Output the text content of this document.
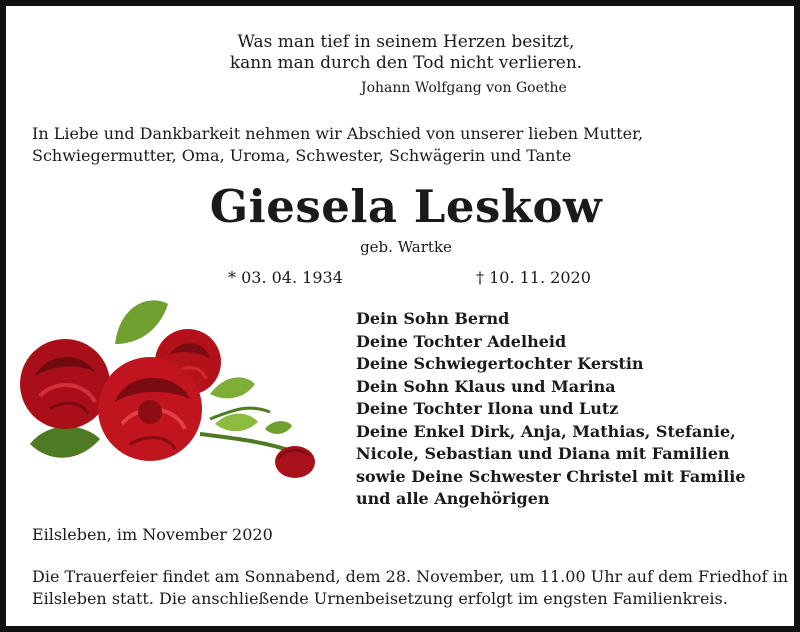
Was man tief in seinem Herzen besitzt,
kann man durch den Tod nicht verlieren.
Johann Wolfgang von Goethe
In Liebe und Dankbarkeit nehmen wir Abschied von unserer lieben Mutter, Schwiegermutter, Oma, Uroma, Schwester, Schwägerin und Tante
Giesela Leskow
geb. Wartke
* 03. 04. 1934	† 10. 11. 2020
Dein Sohn Bernd
Deine Tochter Adelheid
Deine Schwiegertochter Kerstin
Dein Sohn Klaus und Marina
Deine Tochter Ilona und Lutz
Deine Enkel Dirk, Anja, Mathias, Stefanie,
Nicole, Sebastian und Diana mit Familien
sowie Deine Schwester Christel mit Familie
und alle Angehörigen
Eilsleben, im November 2020
Die Trauerfeier findet am Sonnabend, dem 28. November, um 11.00 Uhr auf dem Friedhof in Eilsleben statt. Die anschließende Urnenbeisetzung erfolgt im engsten Familienkreis.
